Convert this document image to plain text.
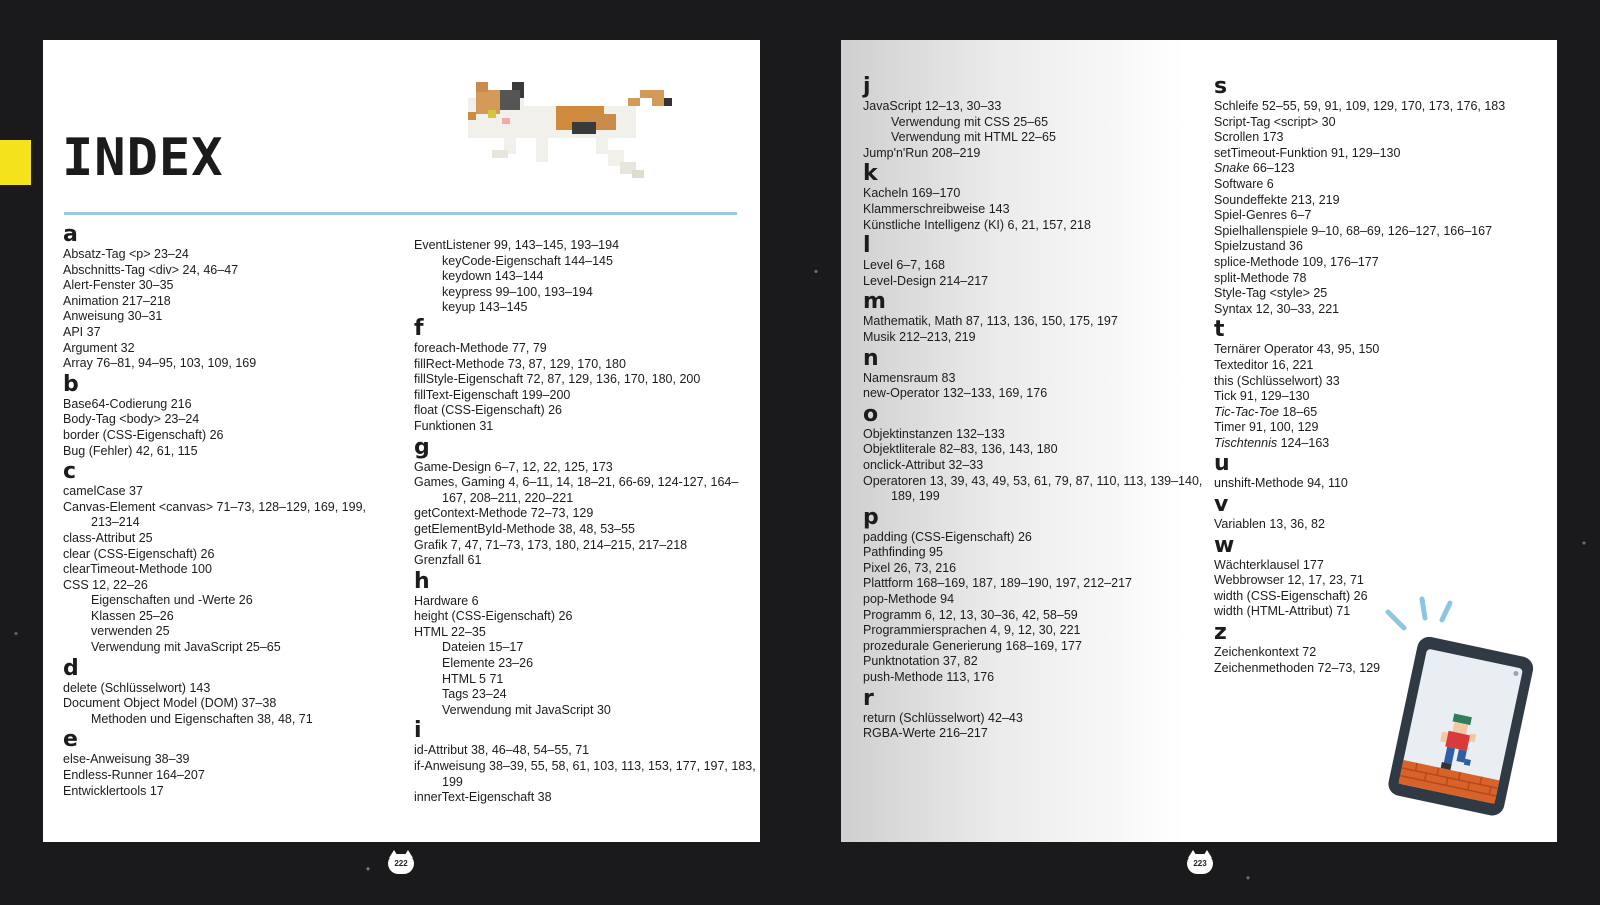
INDEX
a
Absatz-Tag <p> 23–24
Abschnitts-Tag <div> 24, 46–47
Alert-Fenster 30–35
Animation 217–218
Anweisung 30–31
API 37
Argument 32
Array 76–81, 94–95, 103, 109, 169
b
Base64-Codierung 216
Body-Tag <body> 23–24
border (CSS-Eigenschaft) 26
Bug (Fehler) 42, 61, 115
c
camelCase 37
Canvas-Element <canvas> 71–73, 128–129, 169, 199, 213–214
class-Attribut 25
clear (CSS-Eigenschaft) 26
clearTimeout-Methode 100
CSS 12, 22–26
Eigenschaften und -Werte 26
Klassen 25–26
verwenden 25
Verwendung mit JavaScript 25–65
d
delete (Schlüsselwort) 143
Document Object Model (DOM) 37–38
Methoden und Eigenschaften 38, 48, 71
e
else-Anweisung 38–39
Endless-Runner 164–207
Entwicklertools 17
EventListener 99, 143–145, 193–194
keyCode-Eigenschaft 144–145
keydown 143–144
keypress 99–100, 193–194
keyup 143–145
f
foreach-Methode 77, 79
fillRect-Methode 73, 87, 129, 170, 180
fillStyle-Eigenschaft 72, 87, 129, 136, 170, 180, 200
fillText-Eigenschaft 199–200
float (CSS-Eigenschaft) 26
Funktionen 31
g
Game-Design 6–7, 12, 22, 125, 173
Games, Gaming 4, 6–11, 14, 18–21, 66-69, 124-127, 164–167, 208–211, 220–221
getContext-Methode 72–73, 129
getElementById-Methode 38, 48, 53–55
Grafik 7, 47, 71–73, 173, 180, 214–215, 217–218
Grenzfall 61
h
Hardware 6
height (CSS-Eigenschaft) 26
HTML 22–35
Dateien 15–17
Elemente 23–26
HTML 5 71
Tags 23–24
Verwendung mit JavaScript 30
i
id-Attribut 38, 46–48, 54–55, 71
if-Anweisung 38–39, 55, 58, 61, 103, 113, 153, 177, 197, 183, 199
innerText-Eigenschaft 38
222
j
JavaScript 12–13, 30–33
Verwendung mit CSS 25–65
Verwendung mit HTML 22–65
Jump'n'Run 208–219
k
Kacheln 169–170
Klammerschreibweise 143
Künstliche Intelligenz (KI) 6, 21, 157, 218
l
Level 6–7, 168
Level-Design 214–217
m
Mathematik, Math 87, 113, 136, 150, 175, 197
Musik 212–213, 219
n
Namensraum 83
new-Operator 132–133, 169, 176
o
Objektinstanzen 132–133
Objektliterale 82–83, 136, 143, 180
onclick-Attribut 32–33
Operatoren 13, 39, 43, 49, 53, 61, 79, 87, 110, 113, 139–140, 189, 199
p
padding (CSS-Eigenschaft) 26
Pathfinding 95
Pixel 26, 73, 216
Plattform 168–169, 187, 189–190, 197, 212–217
pop-Methode 94
Programm 6, 12, 13, 30–36, 42, 58–59
Programmiersprachen 4, 9, 12, 30, 221
prozedurale Generierung 168–169, 177
Punktnotation 37, 82
push-Methode 113, 176
r
return (Schlüsselwort) 42–43
RGBA-Werte 216–217
s
Schleife 52–55, 59, 91, 109, 129, 170, 173, 176, 183
Script-Tag <script> 30
Scrollen 173
setTimeout-Funktion 91, 129–130
Snake 66–123
Software 6
Soundeffekte 213, 219
Spiel-Genres 6–7
Spielhallenspiele 9–10, 68–69, 126–127, 166–167
Spielzustand 36
splice-Methode 109, 176–177
split-Methode 78
Style-Tag <style> 25
Syntax 12, 30–33, 221
t
Ternärer Operator 43, 95, 150
Texteditor 16, 221
this (Schlüsselwort) 33
Tick 91, 129–130
Tic-Tac-Toe 18–65
Timer 91, 100, 129
Tischtennis 124–163
u
unshift-Methode 94, 110
v
Variablen 13, 36, 82
w
Wächterklausel 177
Webbrowser 12, 17, 23, 71
width (CSS-Eigenschaft) 26
width (HTML-Attribut) 71
z
Zeichenkontext 72
Zeichenmethoden 72–73, 129
223
